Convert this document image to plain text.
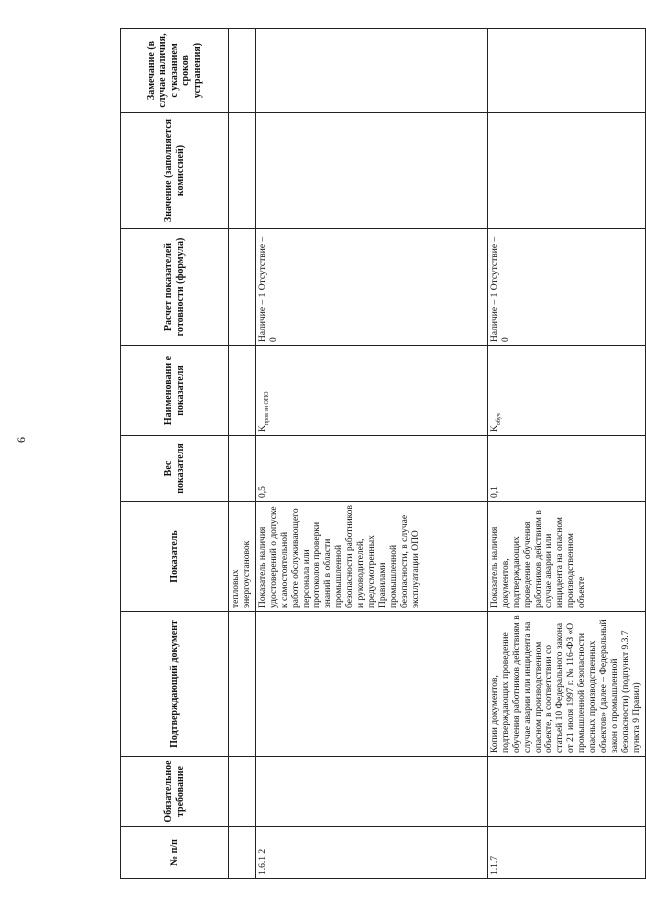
6
№ п/п	Обязательное требование	Подтверждающий документ	Показатель	Вес показателя	Наименовани е показателя	Расчет показателей готовности (формула)	Значение (заполняется комиссией)	Замечание (в случае наличия, с указанием сроков устранения)
			тепловых энергоустановок					
1.6.1 2			Показатель наличия удостоверений о допуске к самостоятельной работе обслуживающего персонала или протоколов проверки знаний в области промышленной безопасности работников и руководителей, предусмотренных Правилами промышленной безопасности, в случае эксплуатации ОПО	0,5	$K_{пров зн ОПО}$	Наличие – 1 Отсутствие – 0		
1.1.7		Копии документов, подтверждающих проведение обучения работников действиям в случае аварии или инцидента на опасном производственном объекте, в соответствии со статьей 10 Федерального закона от 21 июля 1997 г. № 116-ФЗ «О промышленной безопасности опасных производственных объектов» (далее – Федеральный закон о промышленной безопасности) (подпункт 9.3.7 пункта 9 Правил)	Показатель наличия документов, подтверждающих проведение обучения работников действиям в случае аварии или инцидента на опасном производственном объекте	0,1	$K_{обуч}$	Наличие – 1 Отсутствие – 0		
